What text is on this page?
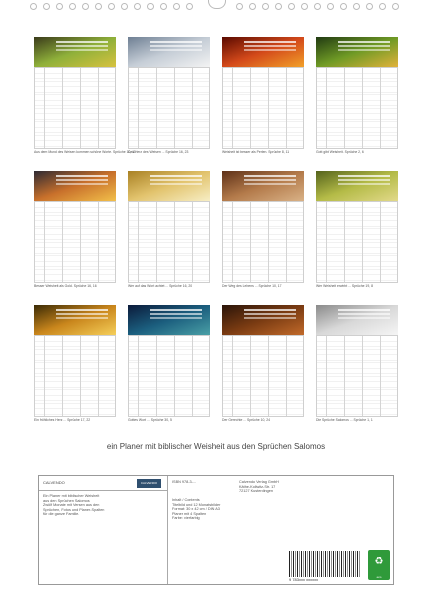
Aus dem Mund des Weisen kommen schöne Worte. Sprüche 10, 11
Das Herz des Weisen ... Sprüche 16, 23	Weisheit ist besser als Perlen. Sprüche 8, 11	Gott gibt Weisheit. Sprüche 2, 6
Besser Weisheit als Gold. Sprüche 16, 16	Wer auf das Wort achtet ... Sprüche 16, 20	Der Weg des Lebens ... Sprüche 10, 17	Wer Weisheit erwirbt ... Sprüche 19, 8
Ein fröhliches Herz ... Sprüche 17, 22	Gottes Wort ... Sprüche 30, 5	Der Gerechte ... Sprüche 10, 24	Die Sprüche Salomos ... Sprüche 1, 1
ein Planer mit biblischer Weisheit aus den Sprüchen Salomos
CALVENDO	CALVENDO
Ein Planer mit biblischer Weisheit
aus den Sprüchen Salomos
Zwölf Monate mit Versen aus den
Sprüchen, Fotos und Planer-Spalten
für die ganze Familie.
ISBN 978-3-...	Calvendo Verlag GmbH
Käthe-Kollwitz-Str. 17
72127 Kusterdingen
Inhalt / Contents
Titelbild und 12 Monatsbilder
Format: 30 x 42 cm / DIN A3
Planer mit 4 Spalten
Farbe: vierfarbig
9 783xxx xxxxxx
♻
eco
